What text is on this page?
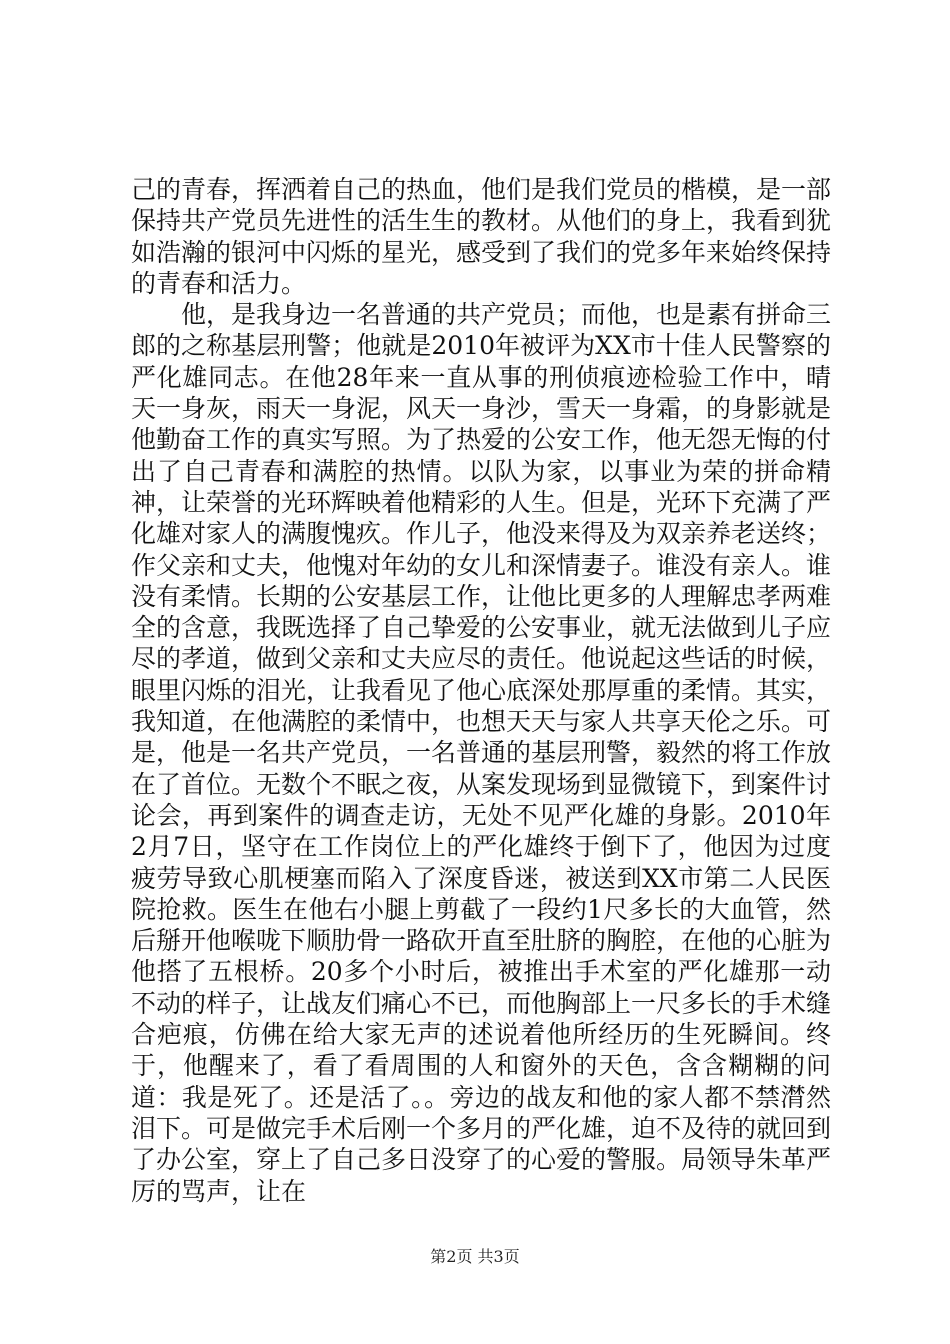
己的青春，挥洒着自己的热血，他们是我们党员的楷模，是一部保持共产党员先进性的活生生的教材。从他们的身上，我看到犹如浩瀚的银河中闪烁的星光，感受到了我们的党多年来始终保持的青春和活力。

他，是我身边一名普通的共产党员；而他，也是素有拼命三郎的之称基层刑警；他就是2010年被评为XX市十佳人民警察的严化雄同志。在他28年来一直从事的刑侦痕迹检验工作中，晴天一身灰，雨天一身泥，风天一身沙，雪天一身霜，的身影就是他勤奋工作的真实写照。为了热爱的公安工作，他无怨无悔的付出了自己青春和满腔的热情。以队为家，以事业为荣的拼命精神，让荣誉的光环辉映着他精彩的人生。但是，光环下充满了严化雄对家人的满腹愧疚。作儿子，他没来得及为双亲养老送终；作父亲和丈夫，他愧对年幼的女儿和深情妻子。谁没有亲人。谁没有柔情。长期的公安基层工作，让他比更多的人理解忠孝两难全的含意，我既选择了自己挚爱的公安事业，就无法做到儿子应尽的孝道，做到父亲和丈夫应尽的责任。他说起这些话的时候，眼里闪烁的泪光，让我看见了他心底深处那厚重的柔情。其实，我知道，在他满腔的柔情中，也想天天与家人共享天伦之乐。可是，他是一名共产党员，一名普通的基层刑警，毅然的将工作放在了首位。无数个不眠之夜，从案发现场到显微镜下，到案件讨论会，再到案件的调查走访，无处不见严化雄的身影。2010年2月7日，坚守在工作岗位上的严化雄终于倒下了，他因为过度疲劳导致心肌梗塞而陷入了深度昏迷，被送到XX市第二人民医院抢救。医生在他右小腿上剪截了一段约1尺多长的大血管，然后掰开他喉咙下顺肋骨一路砍开直至肚脐的胸腔，在他的心脏为他搭了五根桥。20多个小时后，被推出手术室的严化雄那一动不动的样子，让战友们痛心不已，而他胸部上一尺多长的手术缝合疤痕，仿佛在给大家无声的述说着他所经历的生死瞬间。终于，他醒来了，看了看周围的人和窗外的天色，含含糊糊的问道：我是死了。还是活了。。旁边的战友和他的家人都不禁潸然泪下。可是做完手术后刚一个多月的严化雄，迫不及待的就回到了办公室，穿上了自己多日没穿了的心爱的警服。局领导朱革严厉的骂声，让在

第2页 共3页
